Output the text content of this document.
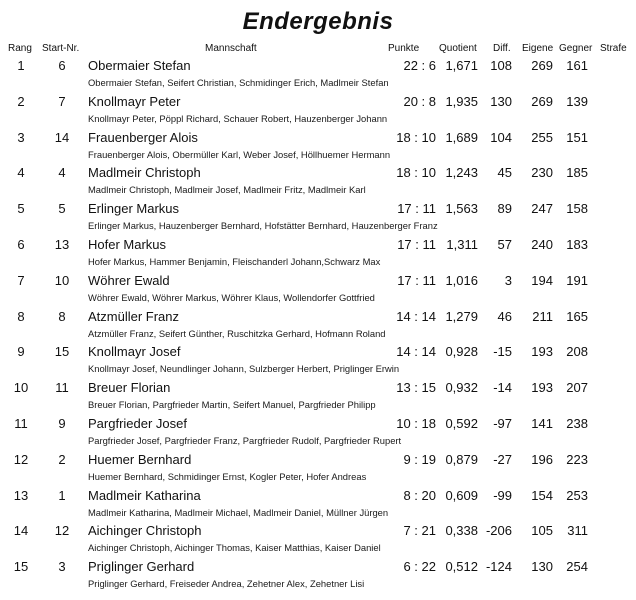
Endergebnis
Rang Start-Nr.	Mannschaft	Punkte Quotient Diff. Eigene Gegner Strafe
1	6	Obermaier Stefan	22 : 6 1,671 108	269	161
Obermaier Stefan, Seifert Christian, Schmidinger Erich, Madlmeir Stefan
2	7	Knollmayr Peter	20 : 8 1,935 130	269	139
Knollmayr Peter, Pöppl Richard, Schauer Robert, Hauzenberger Johann
3	14	Frauenberger Alois	18 : 10 1,689 104	255	151
Frauenberger Alois, Obermüller Karl, Weber Josef, Höllhuemer Hermann
4	4	Madlmeir Christoph	18 : 10 1,243	45	230	185
Madlmeir Christoph, Madlmeir Josef, Madlmeir Fritz, Madlmeir Karl
5	5	Erlinger Markus	17 : 11 1,563	89	247	158
Erlinger Markus, Hauzenberger Bernhard, Hofstätter Bernhard, Hauzenberger Franz
6	13	Hofer Markus	17 : 11 1,311	57	240	183
Hofer Markus, Hammer Benjamin, Fleischanderl Johann,Schwarz Max
7	10	Wöhrer Ewald	17 : 11 1,016	3	194	191
Wöhrer Ewald, Wöhrer Markus, Wöhrer Klaus, Wollendorfer Gottfried
8	8	Atzmüller Franz	14 : 14 1,279	46	211	165
Atzmüller Franz, Seifert Günther, Ruschitzka Gerhard, Hofmann Roland
9	15	Knollmayr Josef	14 : 14 0,928	-15	193	208
Knollmayr Josef, Neundlinger Johann, Sulzberger Herbert, Priglinger Erwin
10	11	Breuer Florian	13 : 15 0,932	-14	193	207
Breuer Florian, Pargfrieder Martin, Seifert Manuel, Pargfrieder Philipp
11	9	Pargfrieder Josef	10 : 18 0,592	-97	141	238
Pargfrieder Josef, Pargfrieder Franz, Pargfrieder Rudolf, Pargfrieder Rupert
12	2	Huemer Bernhard	9 : 19 0,879	-27	196	223
Huemer Bernhard, Schmidinger Ernst, Kogler Peter, Hofer Andreas
13	1	Madlmeir Katharina	8 : 20 0,609	-99	154	253
Madlmeir Katharina, Madlmeir Michael, Madlmeir Daniel, Müllner Jürgen
14	12	Aichinger Christoph	7 : 21 0,338 -206	105	311
Aichinger Christoph, Aichinger Thomas, Kaiser Matthias, Kaiser Daniel
15	3	Priglinger Gerhard	6 : 22 0,512 -124	130	254
Priglinger Gerhard, Freiseder Andrea, Zehetner Alex, Zehetner Lisi
